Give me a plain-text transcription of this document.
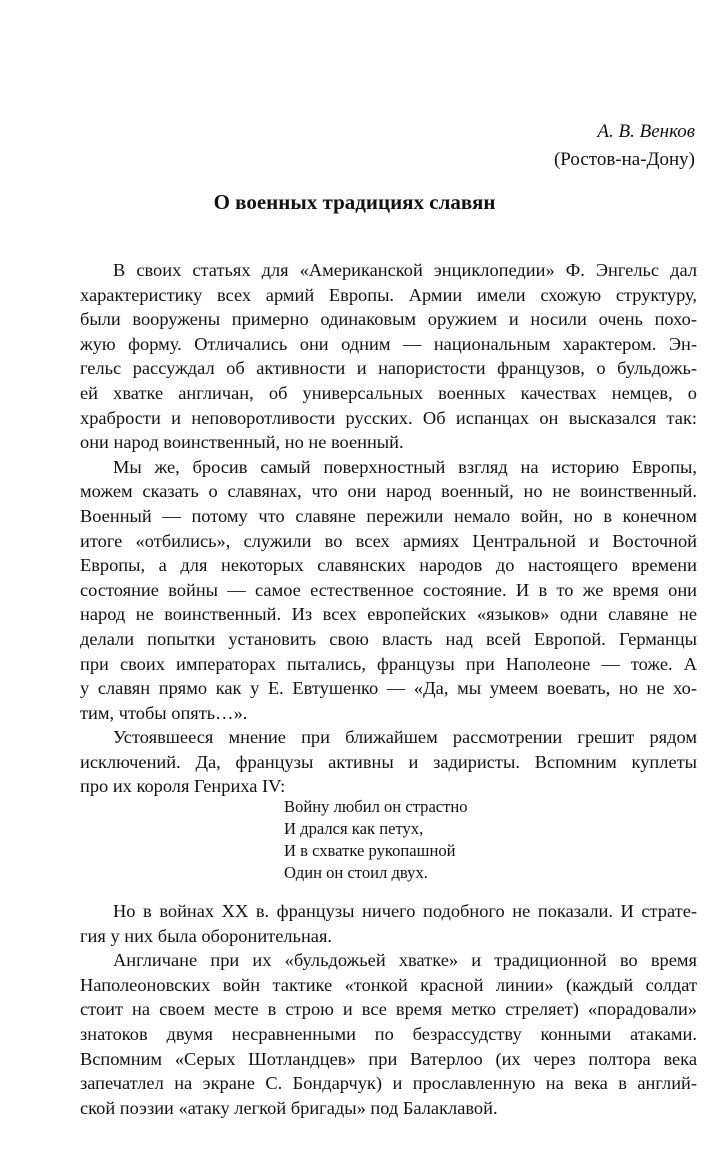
А. В. Венков
(Ростов-на-Дону)
О военных традициях славян

В своих статьях для «Американской энциклопедии» Ф. Энгельс дал
характеристику всех армий Европы. Армии имели схожую структуру,
были вооружены примерно одинаковым оружием и носили очень похо-
жую форму. Отличались они одним — национальным характером. Эн-
гельс рассуждал об активности и напористости французов, о бульдожь-
ей хватке англичан, об универсальных военных качествах немцев, о
храбрости и неповоротливости русских. Об испанцах он высказался так:
они народ воинственный, но не военный.

Мы же, бросив самый поверхностный взгляд на историю Европы,
можем сказать о славянах, что они народ военный, но не воинственный.
Военный — потому что славяне пережили немало войн, но в конечном
итоге «отбились», служили во всех армиях Центральной и Восточной
Европы, а для некоторых славянских народов до настоящего времени
состояние войны — самое естественное состояние. И в то же время они
народ не воинственный. Из всех европейских «языков» одни славяне не
делали попытки установить свою власть над всей Европой. Германцы
при своих императорах пытались, французы при Наполеоне — тоже. А
у славян прямо как у Е. Евтушенко — «Да, мы умеем воевать, но не хо-
тим, чтобы опять…».

Устоявшееся мнение при ближайшем рассмотрении грешит рядом
исключений. Да, французы активны и задиристы. Вспомним куплеты
про их короля Генриха IV:

Войну любил он страстно
И дрался как петух,
И в схватке рукопашной
Один он стоил двух.

Но в войнах XX в. французы ничего подобного не показали. И страте-
гия у них была оборонительная.

Англичане при их «бульдожьей хватке» и традиционной во время
Наполеоновских войн тактике «тонкой красной линии» (каждый солдат
стоит на своем месте в строю и все время метко стреляет) «порадовали»
знатоков двумя несравненными по безрассудству конными атаками.
Вспомним «Серых Шотландцев» при Ватерлоо (их через полтора века
запечатлел на экране С. Бондарчук) и прославленную на века в англий-
ской поэзии «атаку легкой бригады» под Балаклавой.
